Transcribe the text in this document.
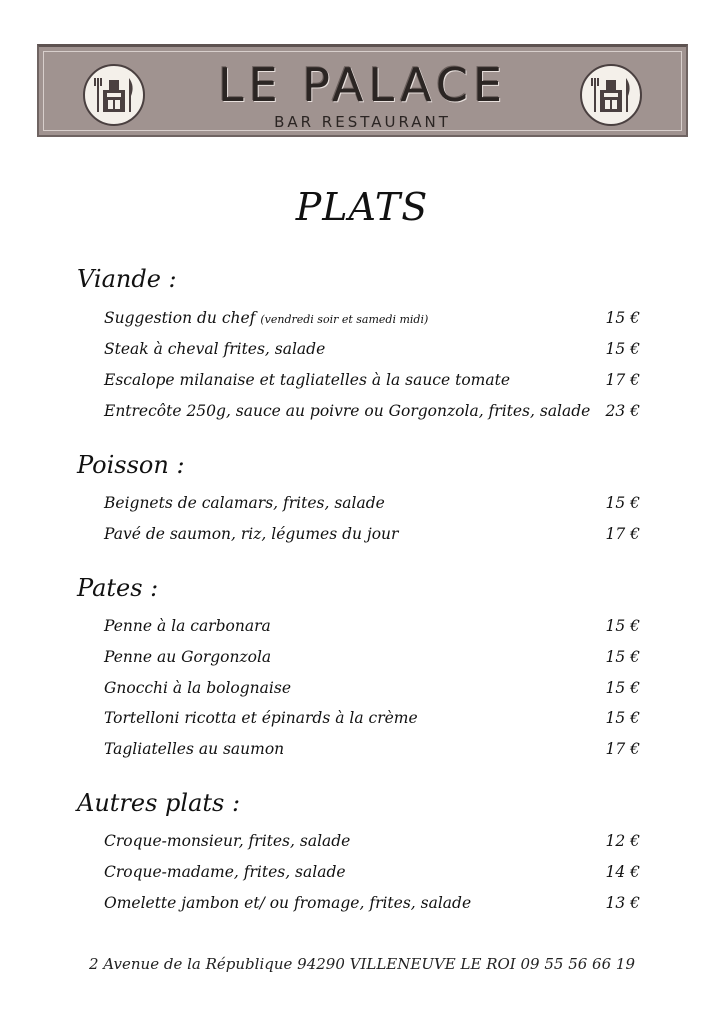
LE PALACE
BAR RESTAURANT
PLATS
Viande :
Suggestion du chef (vendredi soir et samedi midi)	15 €
Steak à cheval frites, salade	15 €
Escalope milanaise et tagliatelles à la sauce tomate	17 €
Entrecôte 250g, sauce au poivre ou Gorgonzola, frites, salade 23 €
Poisson :
Beignets de calamars, frites, salade	15 €
Pavé de saumon, riz, légumes du jour	17 €
Pates :
Penne à la carbonara	15 €
Penne au Gorgonzola	15 €
Gnocchi à la bolognaise	15 €
Tortelloni ricotta et épinards à la crème	15 €
Tagliatelles au saumon	17 €
Autres plats :
Croque-monsieur, frites, salade	12 €
Croque-madame, frites, salade	14 €
Omelette jambon et/ ou fromage, frites, salade	13 €
2 Avenue de la République 94290 VILLENEUVE LE ROI 09 55 56 66 19
